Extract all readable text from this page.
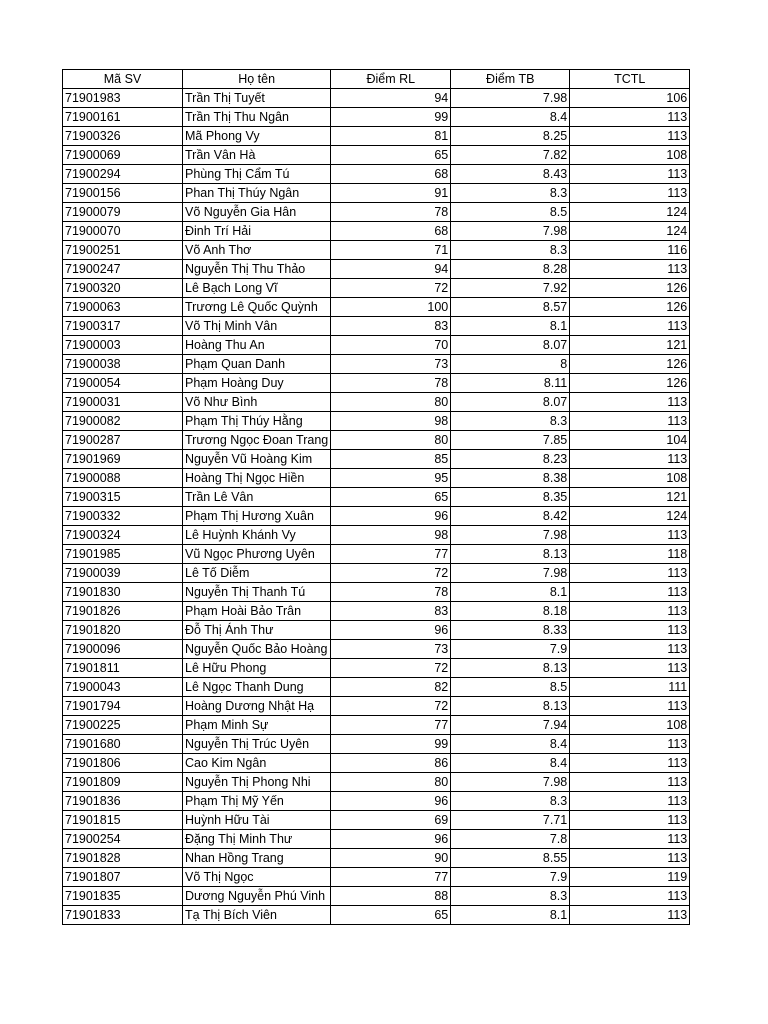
Mã SV	Họ tên	Điểm RL	Điểm TB	TCTL
71901983	Trần Thị Tuyết	94	7.98	106
71900161	Trần Thị Thu Ngân	99	8.4	113
71900326	Mã Phong Vy	81	8.25	113
71900069	Trần Vân Hà	65	7.82	108
71900294	Phùng Thị Cẩm Tú	68	8.43	113
71900156	Phan Thị Thúy Ngân	91	8.3	113
71900079	Võ Nguyễn Gia Hân	78	8.5	124
71900070	Đinh Trí Hải	68	7.98	124
71900251	Võ Anh Thơ	71	8.3	116
71900247	Nguyễn Thị Thu Thảo	94	8.28	113
71900320	Lê Bạch Long Vĩ	72	7.92	126
71900063	Trương Lê Quốc Quỳnh	100	8.57	126
71900317	Võ Thị Minh Vân	83	8.1	113
71900003	Hoàng Thu An	70	8.07	121
71900038	Phạm Quan Danh	73	8	126
71900054	Phạm Hoàng Duy	78	8.11	126
71900031	Võ Như Bình	80	8.07	113
71900082	Phạm Thị Thúy Hằng	98	8.3	113
71900287	Trương Ngọc Đoan Trang	80	7.85	104
71901969	Nguyễn Vũ Hoàng Kim	85	8.23	113
71900088	Hoàng Thị Ngọc Hiền	95	8.38	108
71900315	Trần Lê Vân	65	8.35	121
71900332	Phạm Thị Hương Xuân	96	8.42	124
71900324	Lê Huỳnh Khánh Vy	98	7.98	113
71901985	Vũ Ngọc Phương Uyên	77	8.13	118
71900039	Lê Tố Diễm	72	7.98	113
71901830	Nguyễn Thị Thanh Tú	78	8.1	113
71901826	Phạm Hoài Bảo Trân	83	8.18	113
71901820	Đỗ Thị Ánh Thư	96	8.33	113
71900096	Nguyễn Quốc Bảo Hoàng	73	7.9	113
71901811	Lê Hữu Phong	72	8.13	113
71900043	Lê Ngọc Thanh Dung	82	8.5	111
71901794	Hoàng Dương Nhật Hạ	72	8.13	113
71900225	Phạm Minh Sự	77	7.94	108
71901680	Nguyễn Thị Trúc Uyên	99	8.4	113
71901806	Cao Kim Ngân	86	8.4	113
71901809	Nguyễn Thị Phong Nhi	80	7.98	113
71901836	Phạm Thị Mỹ Yến	96	8.3	113
71901815	Huỳnh Hữu Tài	69	7.71	113
71900254	Đặng Thị Minh Thư	96	7.8	113
71901828	Nhan Hồng Trang	90	8.55	113
71901807	Võ Thị Ngọc	77	7.9	119
71901835	Dương Nguyễn Phú Vinh	88	8.3	113
71901833	Tạ Thị Bích Viên	65	8.1	113
